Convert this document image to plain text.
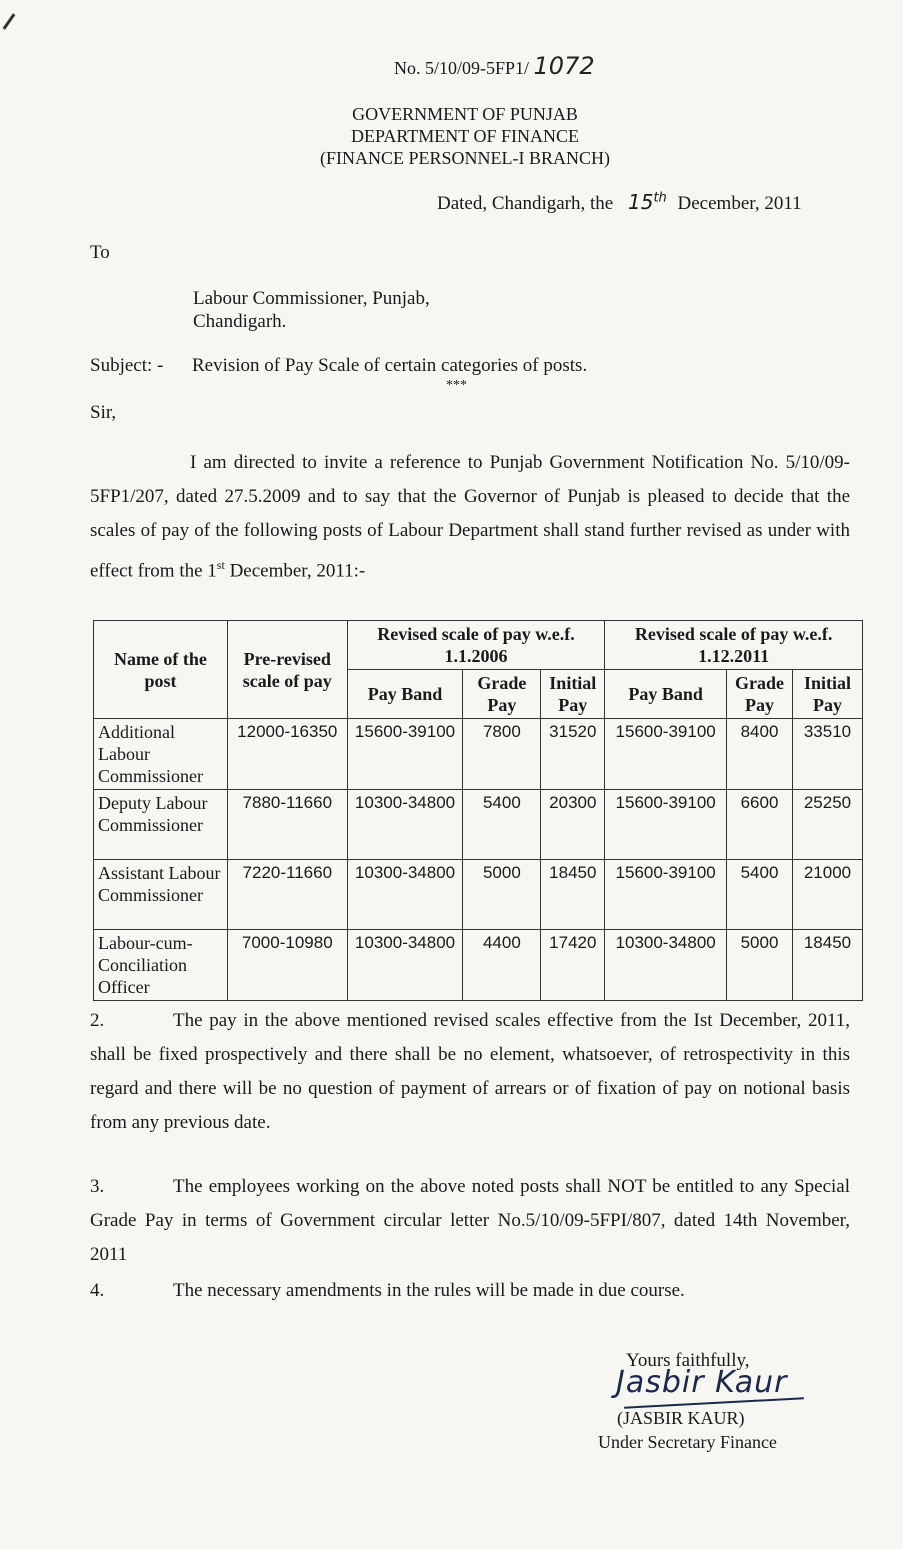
No. 5/10/09-5FP1/ 1072
GOVERNMENT OF PUNJAB
DEPARTMENT OF FINANCE
(FINANCE PERSONNEL-I BRANCH)
Dated, Chandigarh, the 15th December, 2011
To
Labour Commissioner, Punjab,
Chandigarh.
Subject: - Revision of Pay Scale of certain categories of posts.
***
Sir,
I am directed to invite a reference to Punjab Government Notification No. 5/10/09-5FP1/207, dated 27.5.2009 and to say that the Governor of Punjab is pleased to decide that the scales of pay of the following posts of Labour Department shall stand further revised as under with effect from the 1st December, 2011:-
Name of the post	Pre-revised scale of pay	Revised scale of pay w.e.f. 1.1.2006			Revised scale of pay w.e.f. 1.12.2011		
		Pay Band	Grade Pay	Initial Pay	Pay Band	Grade Pay	Initial Pay
Additional Labour Commissioner	12000-16350	15600-39100	7800	31520	15600-39100	8400	33510
Deputy Labour Commissioner	7880-11660	10300-34800	5400	20300	15600-39100	6600	25250
Assistant Labour Commissioner	7220-11660	10300-34800	5000	18450	15600-39100	5400	21000
Labour-cum-Conciliation Officer	7000-10980	10300-34800	4400	17420	10300-34800	5000	18450
2.	The pay in the above mentioned revised scales effective from the Ist December, 2011, shall be fixed prospectively and there shall be no element, whatsoever, of retrospectivity in this regard and there will be no question of payment of arrears or of fixation of pay on notional basis from any previous date.
3.	The employees working on the above noted posts shall NOT be entitled to any Special Grade Pay in terms of Government circular letter No.5/10/09-5FPI/807, dated 14th November, 2011
4.	The necessary amendments in the rules will be made in due course.
Yours faithfully,
Jasbir Kaur
(JASBIR KAUR)
Under Secretary Finance
